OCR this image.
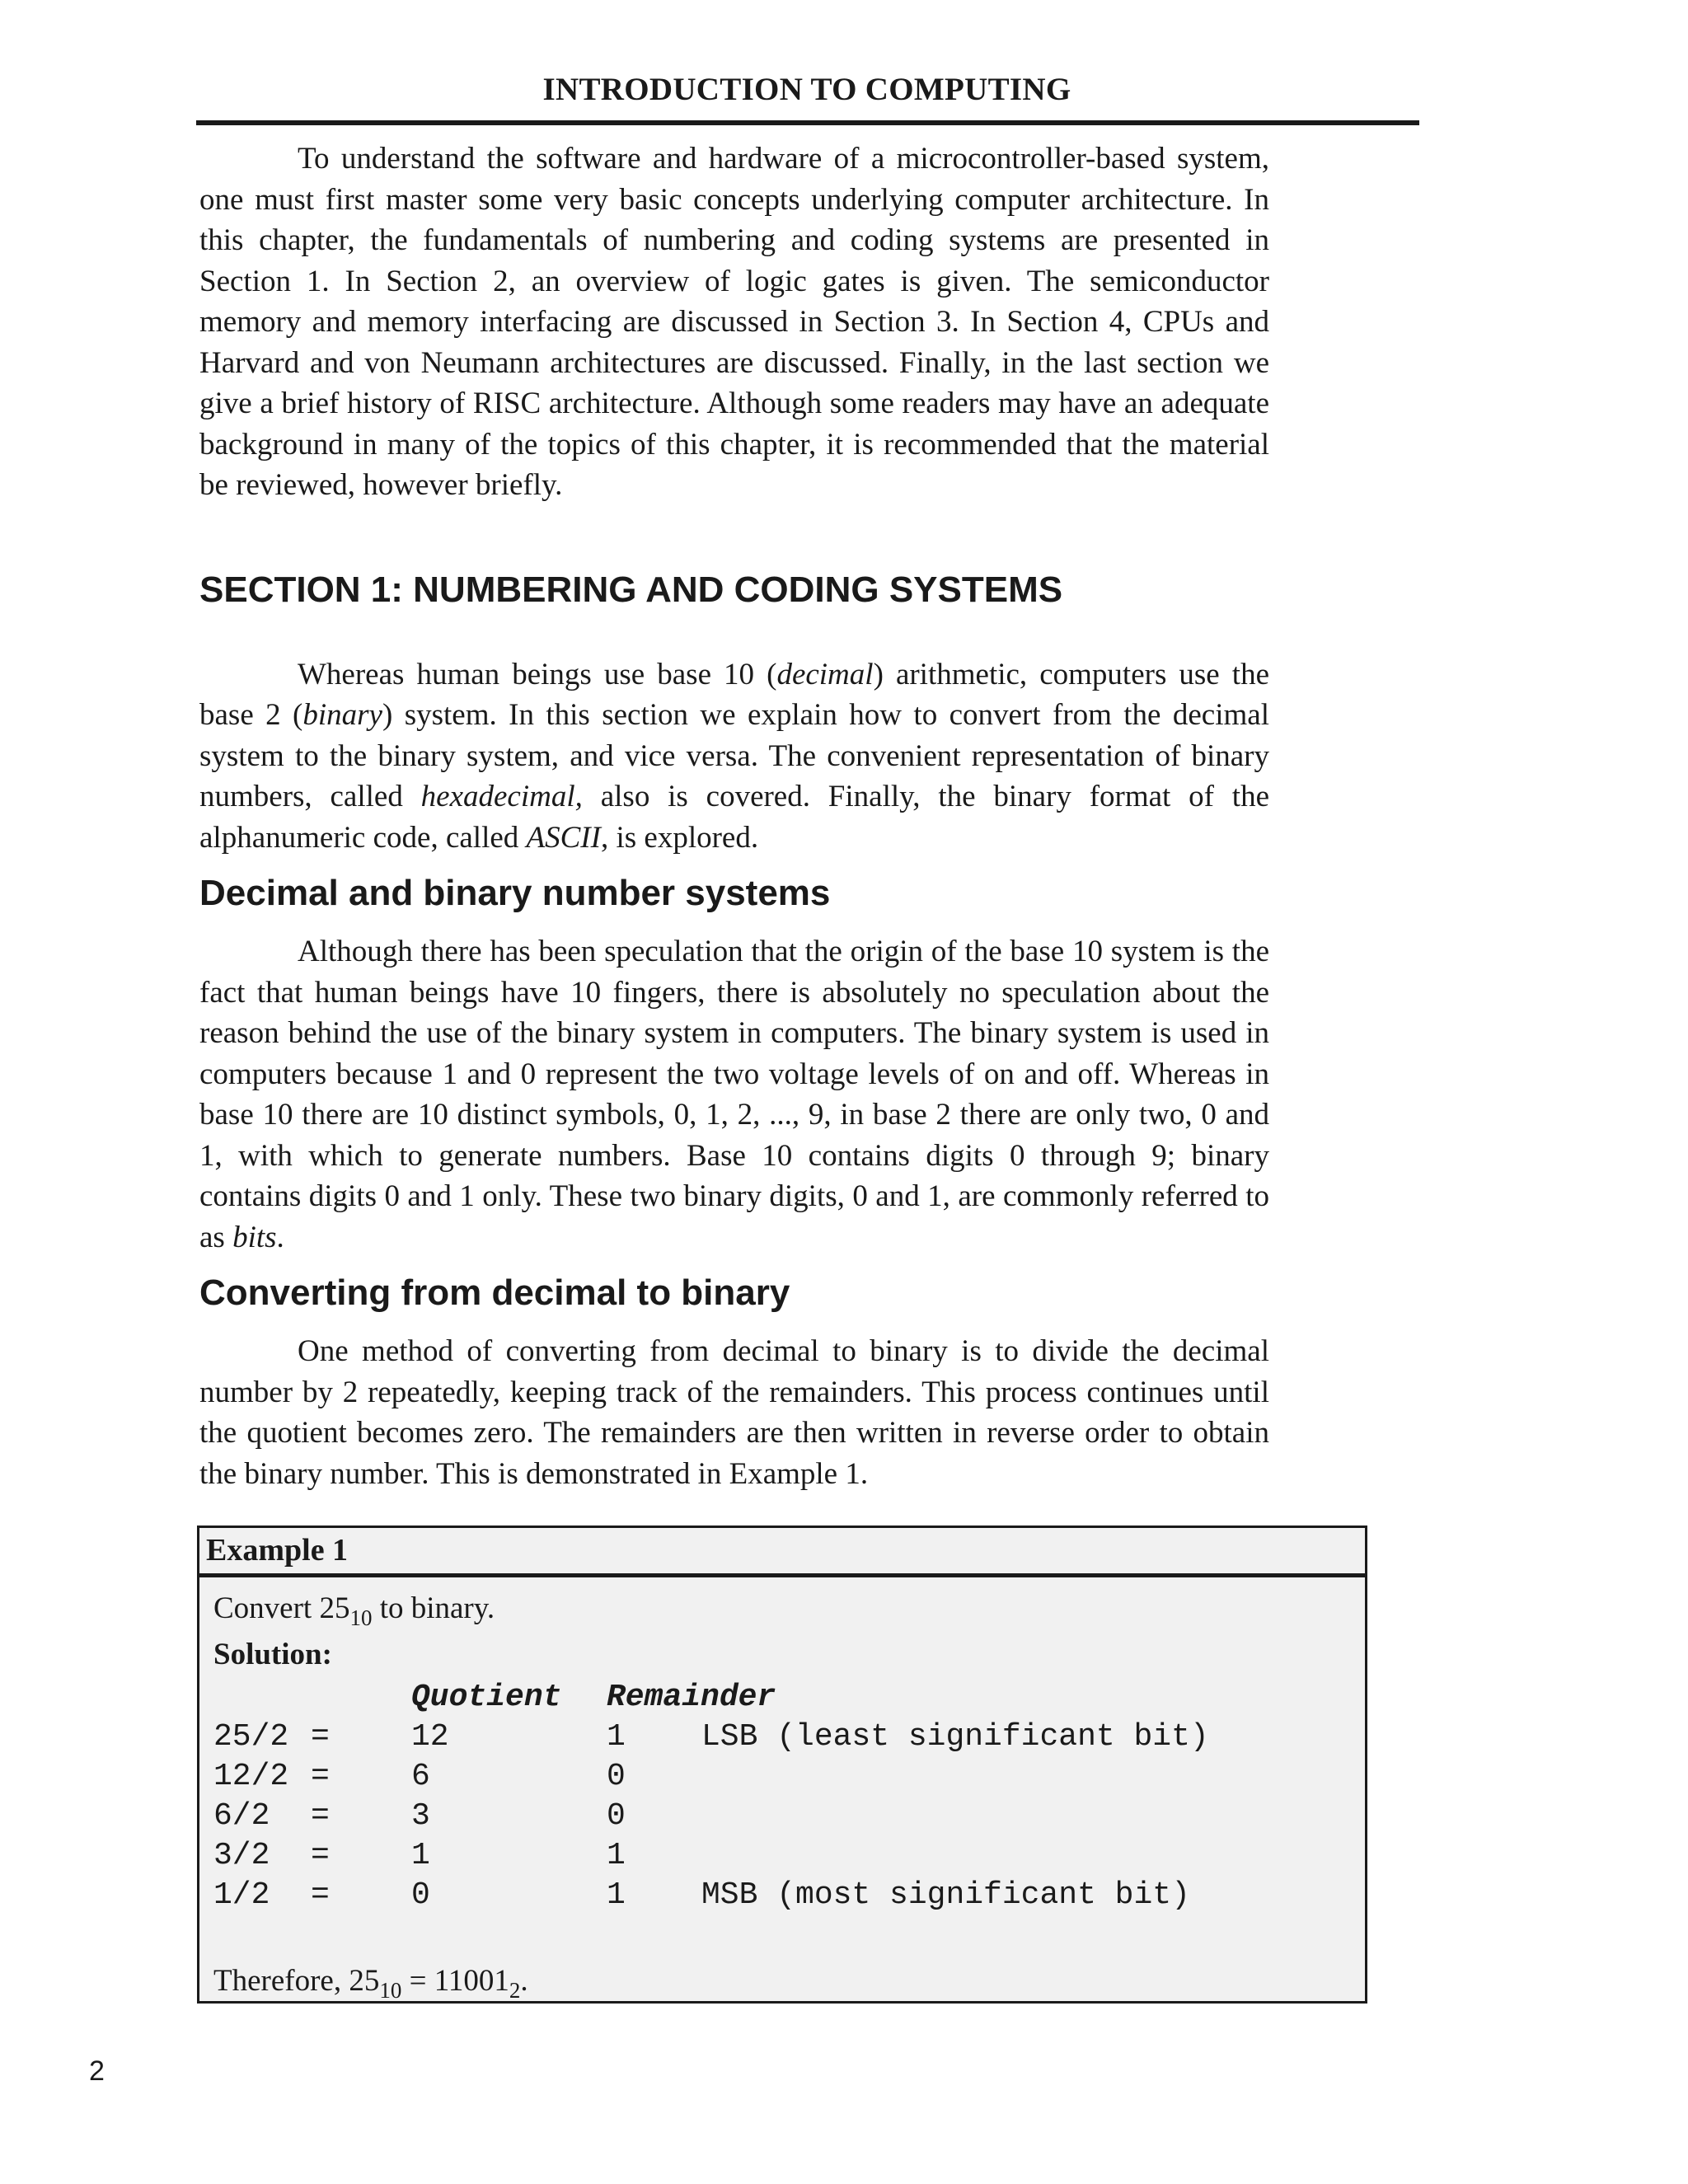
INTRODUCTION TO COMPUTING

To understand the software and hardware of a microcontroller-based system, one must first master some very basic concepts underlying computer architecture. In this chapter, the fundamentals of numbering and coding systems are presented in Section 1. In Section 2, an overview of logic gates is given. The semiconductor memory and memory interfacing are discussed in Section 3. In Section 4, CPUs and Harvard and von Neumann architectures are discussed. Finally, in the last section we give a brief history of RISC architecture. Although some readers may have an adequate background in many of the topics of this chapter, it is recommended that the material be reviewed, however briefly.

SECTION 1: NUMBERING AND CODING SYSTEMS

Whereas human beings use base 10 (decimal) arithmetic, computers use the base 2 (binary) system. In this section we explain how to convert from the decimal system to the binary system, and vice versa. The convenient representation of binary numbers, called hexadecimal, also is covered. Finally, the binary format of the alphanumeric code, called ASCII, is explored.

Decimal and binary number systems

Although there has been speculation that the origin of the base 10 system is the fact that human beings have 10 fingers, there is absolutely no speculation about the reason behind the use of the binary system in computers. The binary system is used in computers because 1 and 0 represent the two voltage levels of on and off. Whereas in base 10 there are 10 distinct symbols, 0, 1, 2, ..., 9, in base 2 there are only two, 0 and 1, with which to generate numbers. Base 10 contains digits 0 through 9; binary contains digits 0 and 1 only. These two binary digits, 0 and 1, are commonly referred to as bits.

Converting from decimal to binary

One method of converting from decimal to binary is to divide the decimal number by 2 repeatedly, keeping track of the remainders. This process continues until the quotient becomes zero. The remainders are then written in reverse order to obtain the binary number. This is demonstrated in Example 1.

Example 1

Convert $25_{10}$ to binary.

Solution:

Quotient

Remainder

25/2 =	12	1 LSB (least significant bit)
12/2 =	6	0
6/2 =	3	0
3/2 =	1	1
1/2 =	0	1 MSB (most significant bit)

Therefore, $25_{10} = 11001_2$.

2
